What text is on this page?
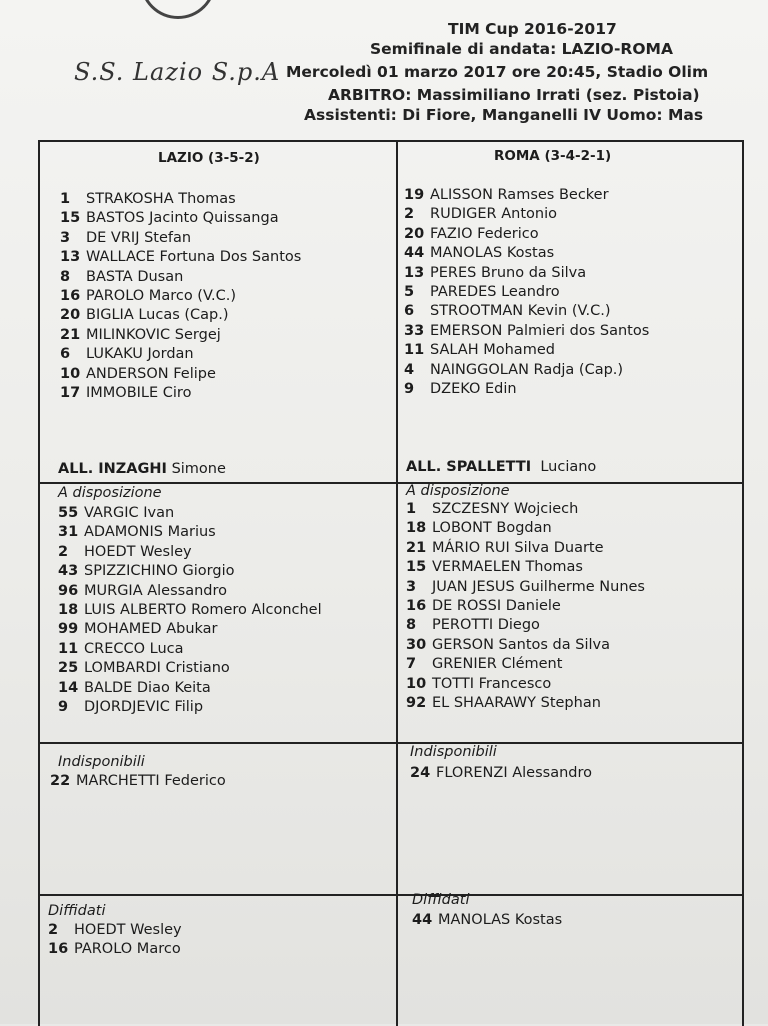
TIM Cup 2016-2017
Semifinale di andata: LAZIO-ROMA
S.S. Lazio S.p.A Mercoledì 01 marzo 2017 ore 20:45, Stadio Olim
ARBITRO: Massimiliano Irrati (sez. Pistoia)
Assistenti: Di Fiore, Manganelli IV Uomo: Mas
LAZIO (3-5-2)
1 STRAKOSHA Thomas
15 BASTOS Jacinto Quissanga
3 DE VRIJ Stefan
13 WALLACE Fortuna Dos Santos
8 BASTA Dusan
16 PAROLO Marco (V.C.)
20 BIGLIA Lucas (Cap.)
21 MILINKOVIC Sergej
6 LUKAKU Jordan
10 ANDERSON Felipe
17 IMMOBILE Ciro
ALL. INZAGHI Simone
A disposizione
55 VARGIC Ivan
31 ADAMONIS Marius
2 HOEDT Wesley
43 SPIZZICHINO Giorgio
96 MURGIA Alessandro
18 LUIS ALBERTO Romero Alconchel
99 MOHAMED Abukar
11 CRECCO Luca
25 LOMBARDI Cristiano
14 BALDE Diao Keita
9 DJORDJEVIC Filip
Indisponibili
22 MARCHETTI Federico
Diffidati
2 HOEDT Wesley
16 PAROLO Marco
ROMA (3-4-2-1)
19 ALISSON Ramses Becker
2 RUDIGER Antonio
20 FAZIO Federico
44 MANOLAS Kostas
13 PERES Bruno da Silva
5 PAREDES Leandro
6 STROOTMAN Kevin (V.C.)
33 EMERSON Palmieri dos Santos
11 SALAH Mohamed
4 NAINGGOLAN Radja (Cap.)
9 DZEKO Edin
ALL. SPALLETTI Luciano
A disposizione
1 SZCZESNY Wojciech
18 LOBONT Bogdan
21 MÁRIO RUI Silva Duarte
15 VERMAELEN Thomas
3 JUAN JESUS Guilherme Nunes
16 DE ROSSI Daniele
8 PEROTTI Diego
30 GERSON Santos da Silva
7 GRENIER Clément
10 TOTTI Francesco
92 EL SHAARAWY Stephan
Indisponibili
24 FLORENZI Alessandro
Diffidati
44 MANOLAS Kostas
